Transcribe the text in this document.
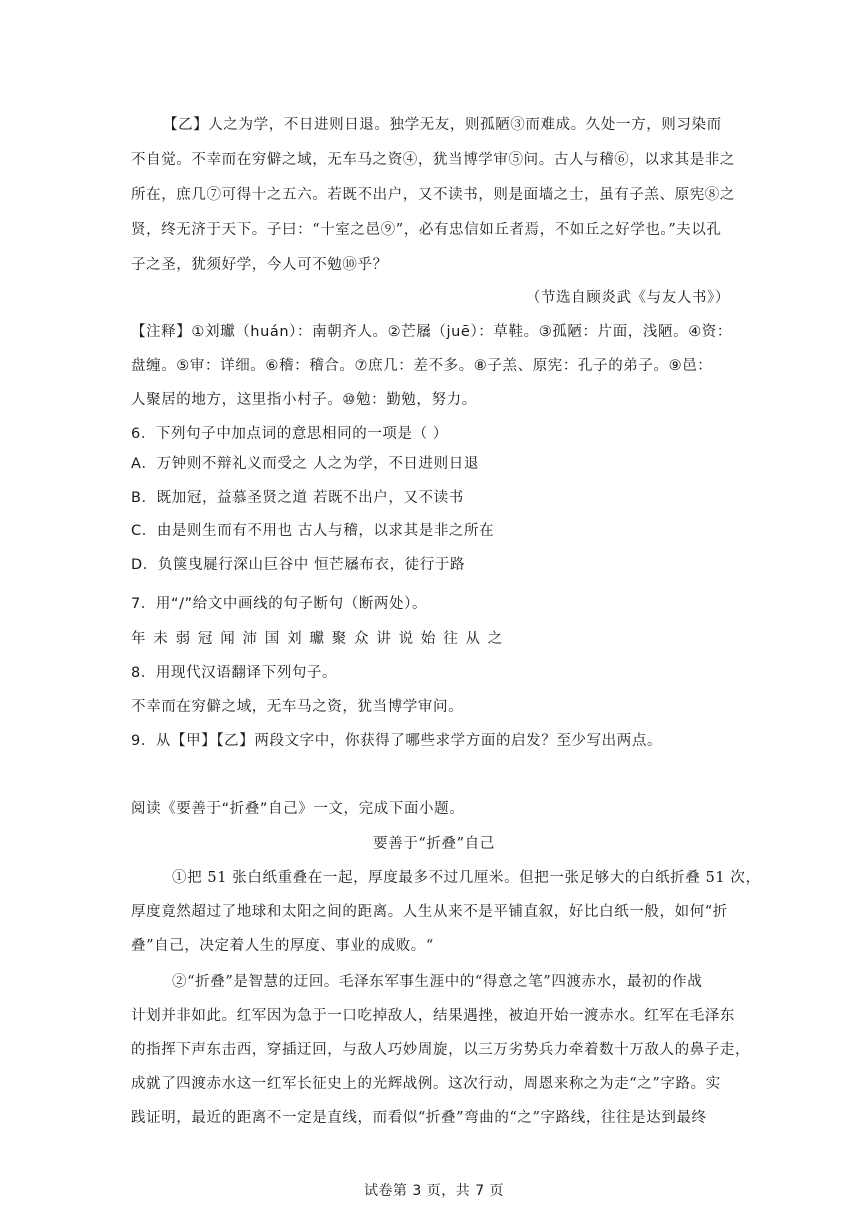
【乙】人之为学，不日进则日退。独学无友，则孤陋③而难成。久处一方，则习染而
不自觉。不幸而在穷僻之域，无车马之资④，犹当博学审⑤问。古人与稽⑥，以求其是非之
所在，庶几⑦可得十之五六。若既不出户，又不读书，则是面墙之士，虽有子羔、原宪⑧之
贤，终无济于天下。子曰：“十室之邑⑨”，必有忠信如丘者焉，不如丘之好学也。”夫以孔
子之圣，犹须好学，今人可不勉⑩乎？
（节选自顾炎武《与友人书》）
【注释】①刘瓛（huán）：南朝齐人。②芒屩（juē）：草鞋。③孤陋：片面，浅陋。④资：
盘缠。⑤审：详细。⑥稽：稽合。⑦庶几：差不多。⑧子羔、原宪：孔子的弟子。⑨邑：
人聚居的地方，这里指小村子。⑩勉：勤勉，努力。
6．下列句子中加点词的意思相同的一项是（ ）
A．万钟则不辩礼义而受之 人之为学，不日进则日退
B．既加冠，益慕圣贤之道 若既不出户，又不读书
C．由是则生而有不用也 古人与稽，以求其是非之所在
D．负箧曳屣行深山巨谷中 恒芒屩布衣，徒行于路
7．用“/”给文中画线的句子断句（断两处）。
年未弱冠闻沛国刘瓛聚众讲说始往从之
8．用现代汉语翻译下列句子。
不幸而在穷僻之域，无车马之资，犹当博学审问。
9．从【甲】【乙】两段文字中，你获得了哪些求学方面的启发？至少写出两点。
阅读《要善于“折叠”自己》一文，完成下面小题。
要善于“折叠”自己
①把 51 张白纸重叠在一起，厚度最多不过几厘米。但把一张足够大的白纸折叠 51 次，
厚度竟然超过了地球和太阳之间的距离。人生从来不是平铺直叙，好比白纸一般，如何“折
叠”自己，决定着人生的厚度、事业的成败。“
②“折叠”是智慧的迂回。毛泽东军事生涯中的“得意之笔”四渡赤水，最初的作战
计划并非如此。红军因为急于一口吃掉敌人，结果遇挫，被迫开始一渡赤水。红军在毛泽东
的指挥下声东击西，穿插迂回，与敌人巧妙周旋，以三万劣势兵力牵着数十万敌人的鼻子走，
成就了四渡赤水这一红军长征史上的光辉战例。这次行动，周恩来称之为走“之”字路。实
践证明，最近的距离不一定是直线，而看似“折叠”弯曲的“之”字路线，往往是达到最终
试卷第 3 页，共 7 页
